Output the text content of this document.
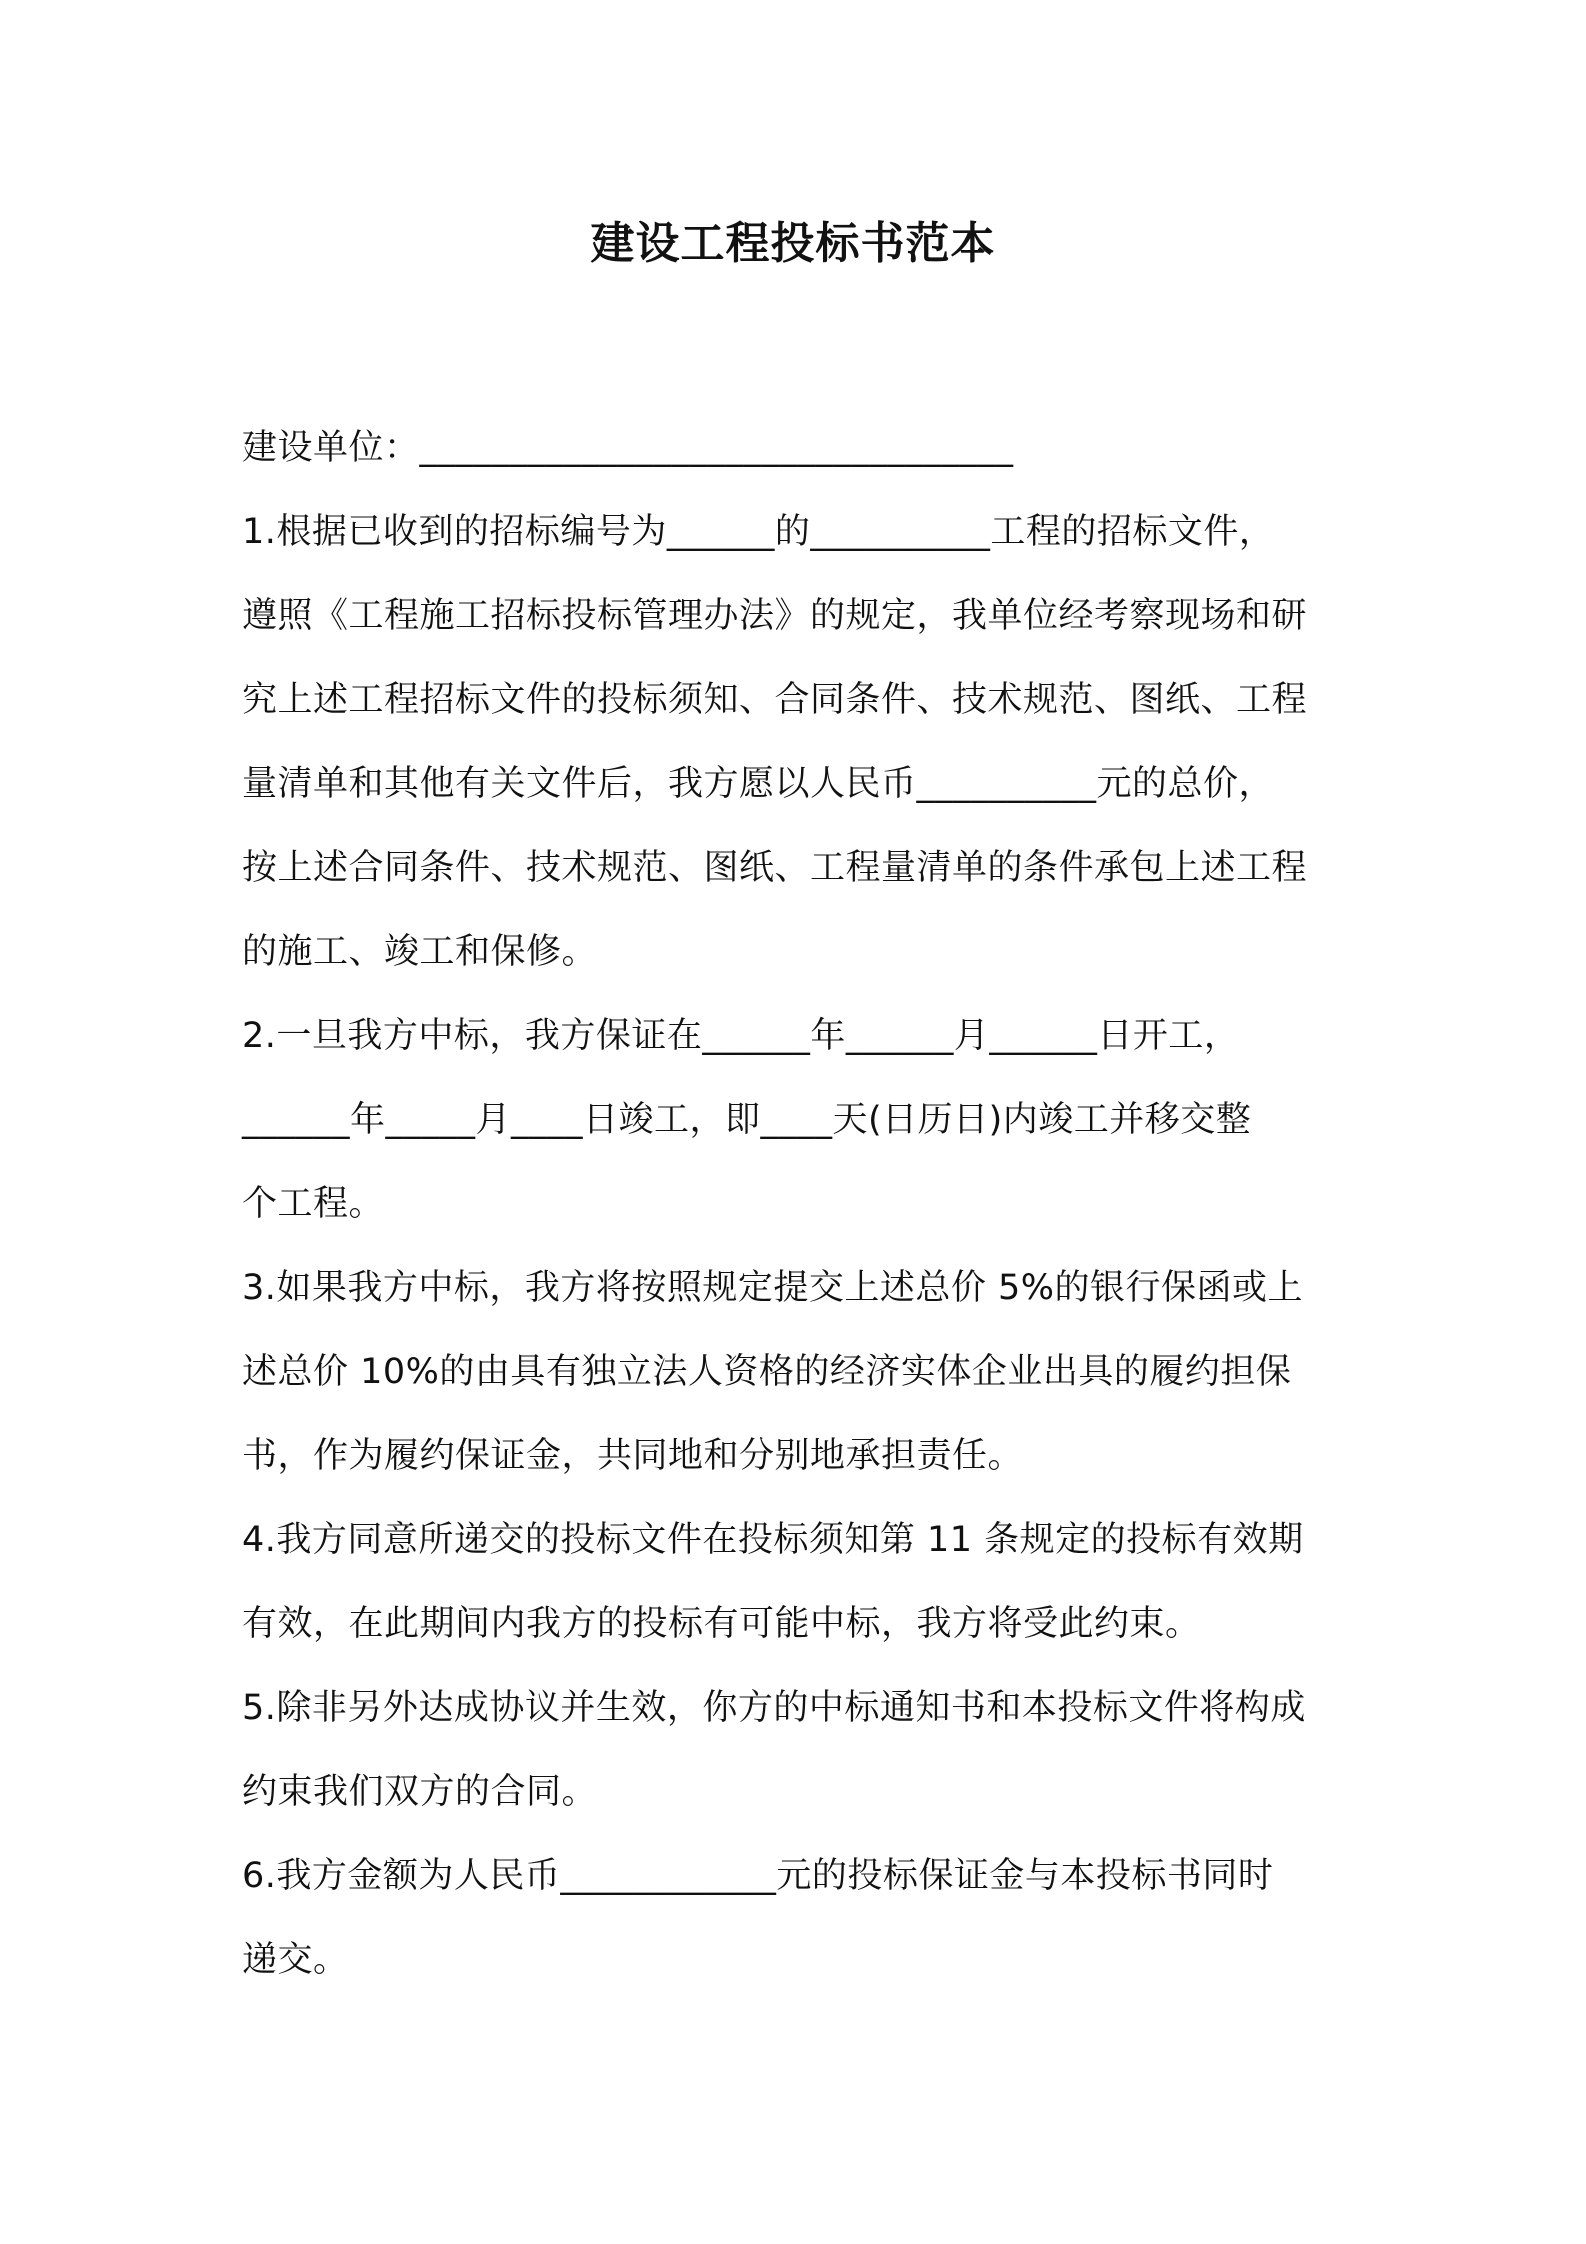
建设工程投标书范本
建设单位：_________________________________
1.根据已收到的招标编号为______的__________工程的招标文件，
遵照《工程施工招标投标管理办法》的规定，我单位经考察现场和研
究上述工程招标文件的投标须知、合同条件、技术规范、图纸、工程
量清单和其他有关文件后，我方愿以人民币__________元的总价，
按上述合同条件、技术规范、图纸、工程量清单的条件承包上述工程
的施工、竣工和保修。
2.一旦我方中标，我方保证在______年______月______日开工，
______年_____月____日竣工，即____天(日历日)内竣工并移交整
个工程。
3.如果我方中标，我方将按照规定提交上述总价 5%的银行保函或上
述总价 10%的由具有独立法人资格的经济实体企业出具的履约担保
书，作为履约保证金，共同地和分别地承担责任。
4.我方同意所递交的投标文件在投标须知第 11 条规定的投标有效期
有效，在此期间内我方的投标有可能中标，我方将受此约束。
5.除非另外达成协议并生效，你方的中标通知书和本投标文件将构成
约束我们双方的合同。
6.我方金额为人民币____________元的投标保证金与本投标书同时
递交。
